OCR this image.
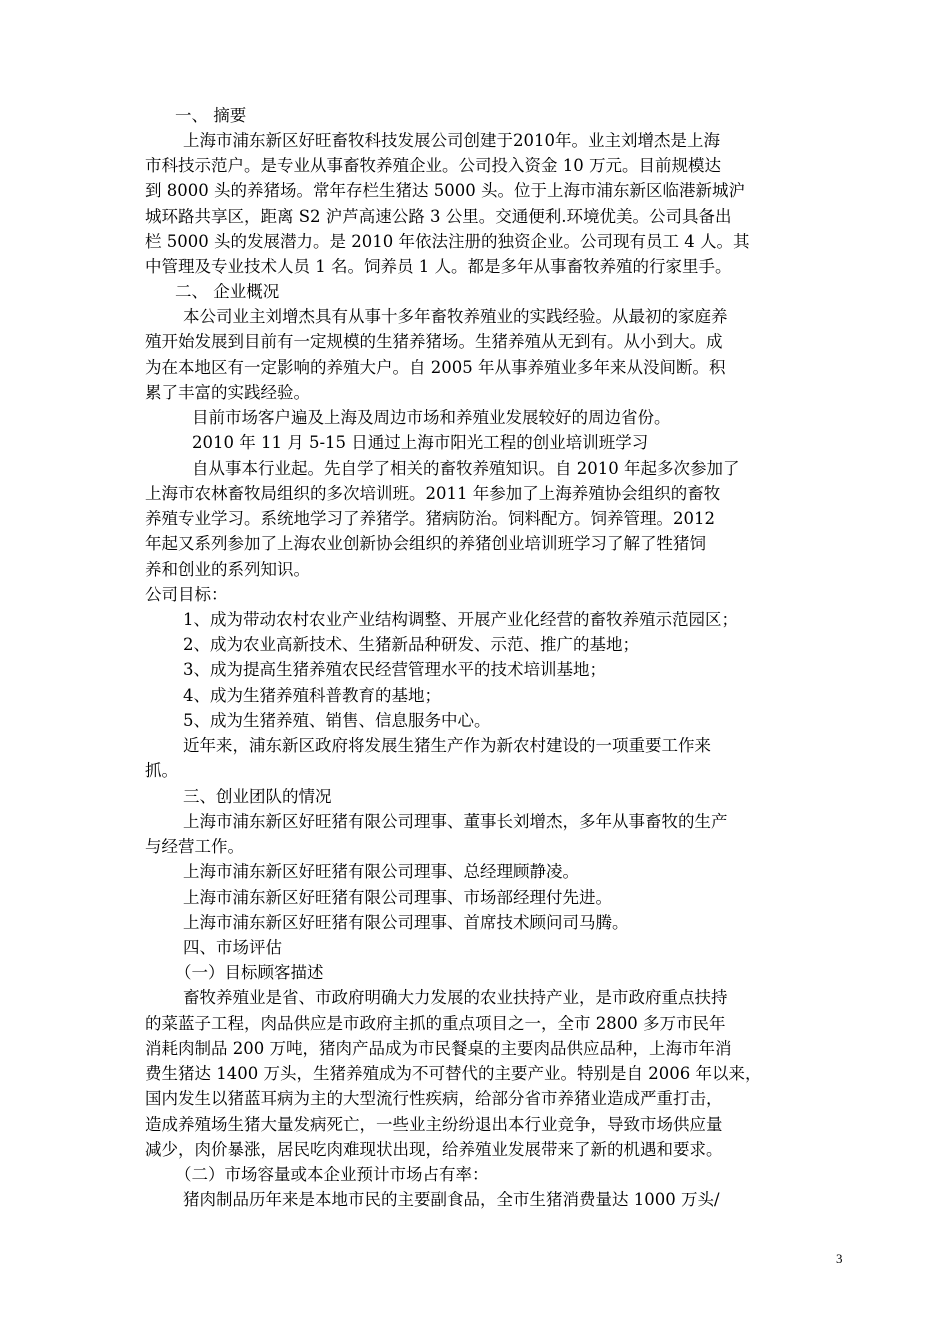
一、 摘要
上海市浦东新区好旺畜牧科技发展公司创建于2010年。业主刘增杰是上海
市科技示范户。是专业从事畜牧养殖企业。公司投入资金 10 万元。目前规模达
到 8000 头的养猪场。常年存栏生猪达 5000 头。位于上海市浦东新区临港新城沪
城环路共享区，距离 S2 沪芦高速公路 3 公里。交通便利.环境优美。公司具备出
栏 5000 头的发展潜力。是 2010 年依法注册的独资企业。公司现有员工 4 人。其
中管理及专业技术人员 1 名。饲养员 1 人。都是多年从事畜牧养殖的行家里手。
二、 企业概况
本公司业主刘增杰具有从事十多年畜牧养殖业的实践经验。从最初的家庭养
殖开始发展到目前有一定规模的生猪养猪场。生猪养殖从无到有。从小到大。成
为在本地区有一定影响的养殖大户。自 2005 年从事养殖业多年来从没间断。积
累了丰富的实践经验。
目前市场客户遍及上海及周边市场和养殖业发展较好的周边省份。
2010 年 11 月 5-15 日通过上海市阳光工程的创业培训班学习
自从事本行业起。先自学了相关的畜牧养殖知识。自 2010 年起多次参加了
上海市农林畜牧局组织的多次培训班。2011 年参加了上海养殖协会组织的畜牧
养殖专业学习。系统地学习了养猪学。猪病防治。饲料配方。饲养管理。2012
年起又系列参加了上海农业创新协会组织的养猪创业培训班学习了解了牲猪饲
养和创业的系列知识。
公司目标：
1、成为带动农村农业产业结构调整、开展产业化经营的畜牧养殖示范园区；
2、成为农业高新技术、生猪新品种研发、示范、推广的基地；
3、成为提高生猪养殖农民经营管理水平的技术培训基地；
4、成为生猪养殖科普教育的基地；
5、成为生猪养殖、销售、信息服务中心。
近年来，浦东新区政府将发展生猪生产作为新农村建设的一项重要工作来
抓。
三、创业团队的情况
上海市浦东新区好旺猪有限公司理事、董事长刘增杰，多年从事畜牧的生产
与经营工作。
上海市浦东新区好旺猪有限公司理事、总经理顾静凌。
上海市浦东新区好旺猪有限公司理事、市场部经理付先进。
上海市浦东新区好旺猪有限公司理事、首席技术顾问司马腾。
四、市场评估
（一）目标顾客描述
畜牧养殖业是省、市政府明确大力发展的农业扶持产业，是市政府重点扶持
的菜蓝子工程，肉品供应是市政府主抓的重点项目之一，全市 2800 多万市民年
消耗肉制品 200 万吨，猪肉产品成为市民餐桌的主要肉品供应品种，上海市年消
费生猪达 1400 万头，生猪养殖成为不可替代的主要产业。特别是自 2006 年以来，
国内发生以猪蓝耳病为主的大型流行性疾病，给部分省市养猪业造成严重打击，
造成养殖场生猪大量发病死亡，一些业主纷纷退出本行业竞争，导致市场供应量
减少，肉价暴涨，居民吃肉难现状出现，给养殖业发展带来了新的机遇和要求。
（二）市场容量或本企业预计市场占有率：
猪肉制品历年来是本地市民的主要副食品，全市生猪消费量达 1000 万头/
3
